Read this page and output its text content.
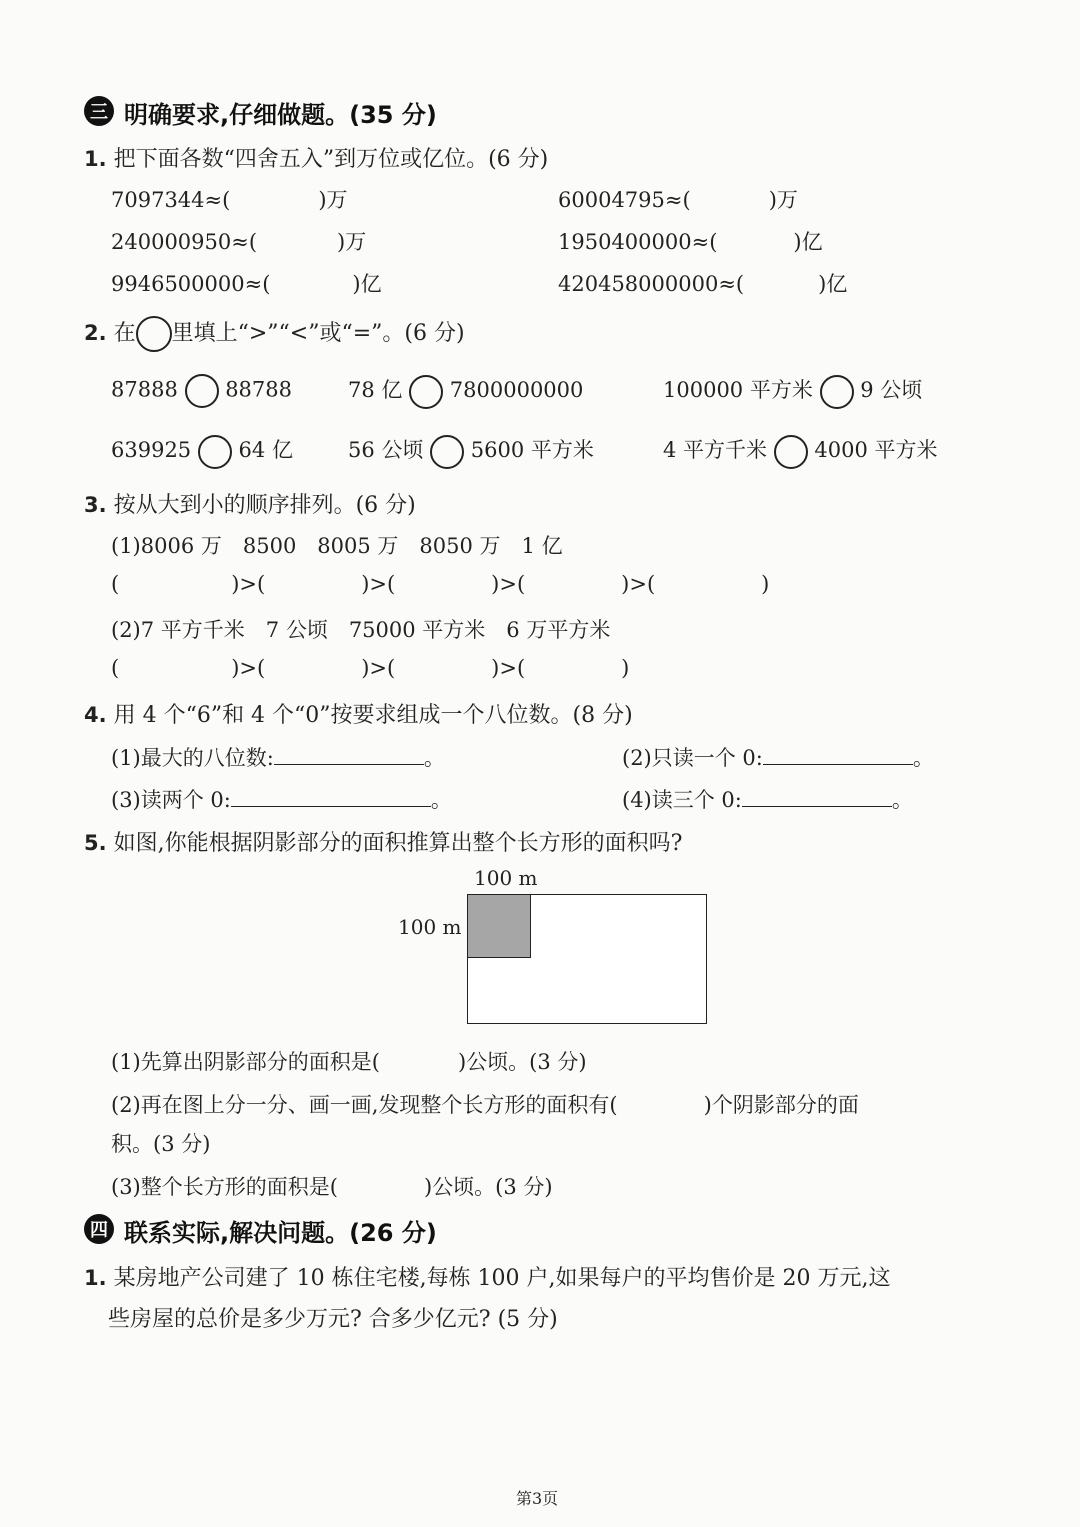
三 明确要求,仔细做题。(35 分)
1. 把下面各数“四舍五入”到万位或亿位。(6 分)
7097344≈(	)万	60004795≈(	)万
240000950≈(	)万	1950400000≈(	)亿
9946500000≈(	)亿	420458000000≈(	)亿
2. 在 里填上“>”“<”或“=”。(6 分)
87888 88788	78 亿 7800000000	100000 平方米 9 公顷
639925 64 亿	56 公顷 5600 平方米	4 平方千米 4000 平方米
3. 按从大到小的顺序排列。(6 分)
(1)8006 万　8500　8005 万　8050 万　1 亿
(	)>(	)>(	)>(	)>(	)
(2)7 平方千米　7 公顷　75000 平方米　6 万平方米
(	)>(	)>(	)>(	)
4. 用 4 个“6”和 4 个“0”按要求组成一个八位数。(8 分)
(1)最大的八位数:	。	(2)只读一个 0:	。
(3)读两个 0:	。	(4)读三个 0:	。
5. 如图,你能根据阴影部分的面积推算出整个长方形的面积吗?
100 m
100 m
(1)先算出阴影部分的面积是(	)公顷。(3 分)
(2)再在图上分一分、画一画,发现整个长方形的面积有(	)个阴影部分的面
积。(3 分)
(3)整个长方形的面积是(	)公顷。(3 分)
四 联系实际,解决问题。(26 分)
1. 某房地产公司建了 10 栋住宅楼,每栋 100 户,如果每户的平均售价是 20 万元,这
些房屋的总价是多少万元? 合多少亿元? (5 分)
第3页
